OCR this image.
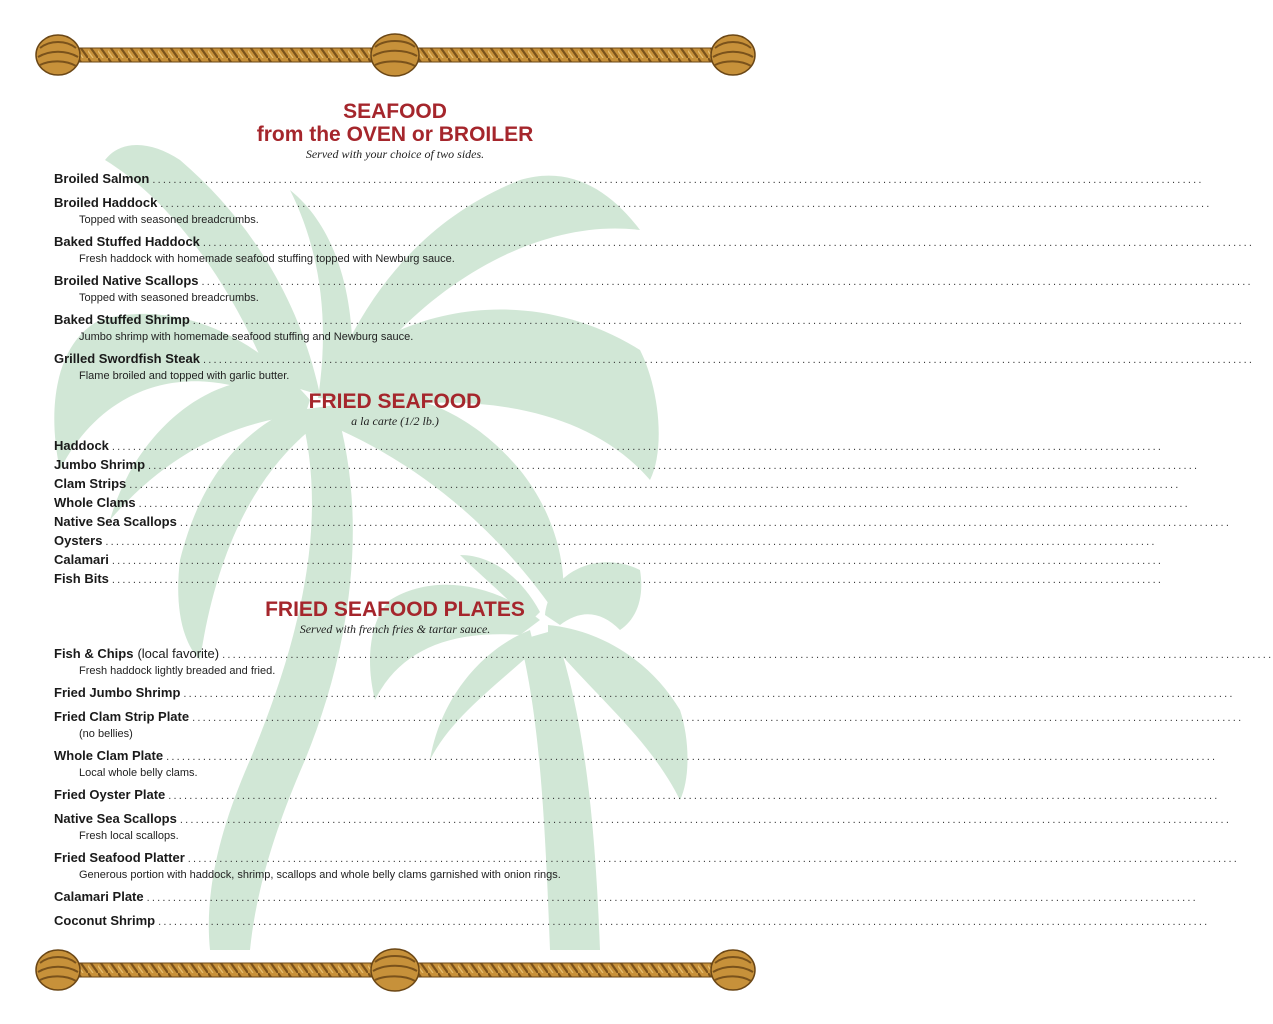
SEAFOOD
from the OVEN or BROILER
Served with your choice of two sides.
Broiled Salmon ........................................................................................................................................................................................................
Broiled Haddock ........................................................................................................................................................................................................
Topped with seasoned breadcrumbs.
Baked Stuffed Haddock ........................................................................................................................................................................................................
Fresh haddock with homemade seafood stuffing topped with Newburg sauce.
Broiled Native Scallops ........................................................................................................................................................................................................
Topped with seasoned breadcrumbs.
Baked Stuffed Shrimp ........................................................................................................................................................................................................
Jumbo shrimp with homemade seafood stuffing and Newburg sauce.
Grilled Swordfish Steak ........................................................................................................................................................................................................
Flame broiled and topped with garlic butter.
FRIED SEAFOOD
a la carte (1/2 lb.)
Haddock ........................................................................................................................................................................................................
Jumbo Shrimp ........................................................................................................................................................................................................
Clam Strips ........................................................................................................................................................................................................
Whole Clams ........................................................................................................................................................................................................
Native Sea Scallops ........................................................................................................................................................................................................
Oysters ........................................................................................................................................................................................................
Calamari ........................................................................................................................................................................................................
Fish Bits ........................................................................................................................................................................................................
FRIED SEAFOOD PLATES
Served with french fries & tartar sauce.
Fish & Chips (local favorite) ........................................................................................................................................................................................................
Fresh haddock lightly breaded and fried.
Fried Jumbo Shrimp ........................................................................................................................................................................................................
Fried Clam Strip Plate ........................................................................................................................................................................................................
(no bellies)
Whole Clam Plate ........................................................................................................................................................................................................
Local whole belly clams.
Fried Oyster Plate ........................................................................................................................................................................................................
Native Sea Scallops ........................................................................................................................................................................................................
Fresh local scallops.
Fried Seafood Platter ........................................................................................................................................................................................................
Generous portion with haddock, shrimp, scallops and whole belly clams garnished with onion rings.
Calamari Plate ........................................................................................................................................................................................................
Coconut Shrimp ........................................................................................................................................................................................................
